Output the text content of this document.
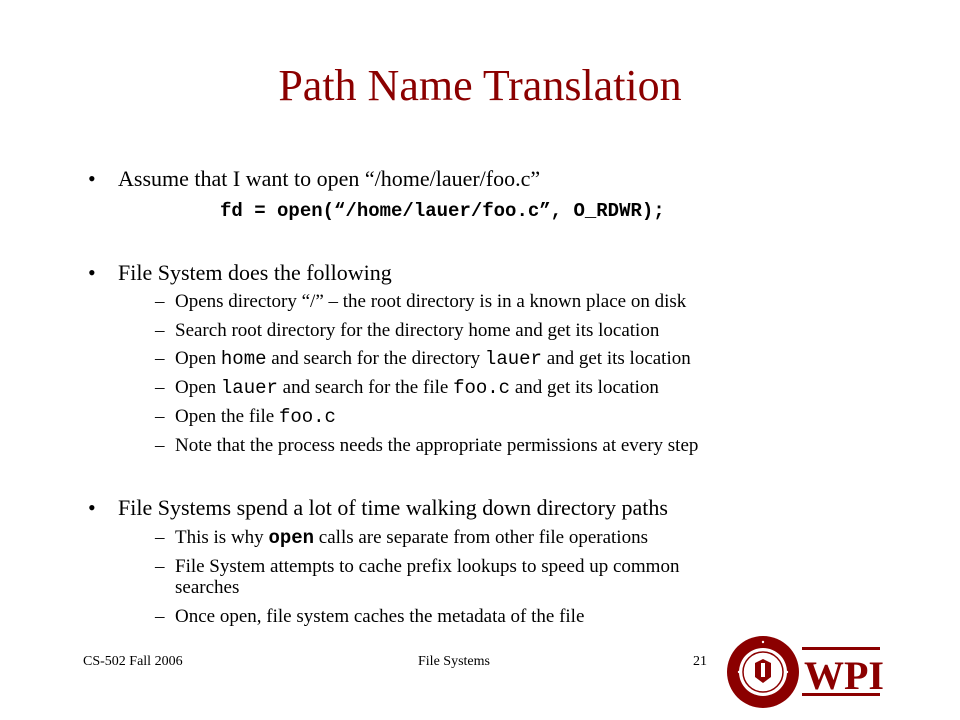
Path Name Translation
• Assume that I want to open “/home/lauer/foo.c”
fd = open(“/home/lauer/foo.c”, O_RDWR);
• File System does the following
– Opens directory “/” – the root directory is in a known place on disk
– Search root directory for the directory home and get its location
– Open home and search for the directory lauer and get its location
– Open lauer and search for the file foo.c and get its location
– Open the file foo.c
– Note that the process needs the appropriate permissions at every step
• File Systems spend a lot of time walking down directory paths
– This is why open calls are separate from other file operations
– File System attempts to cache prefix lookups to speed up common
searches
– Once open, file system caches the metadata of the file
CS-502 Fall 2006	File Systems	21 WPI
